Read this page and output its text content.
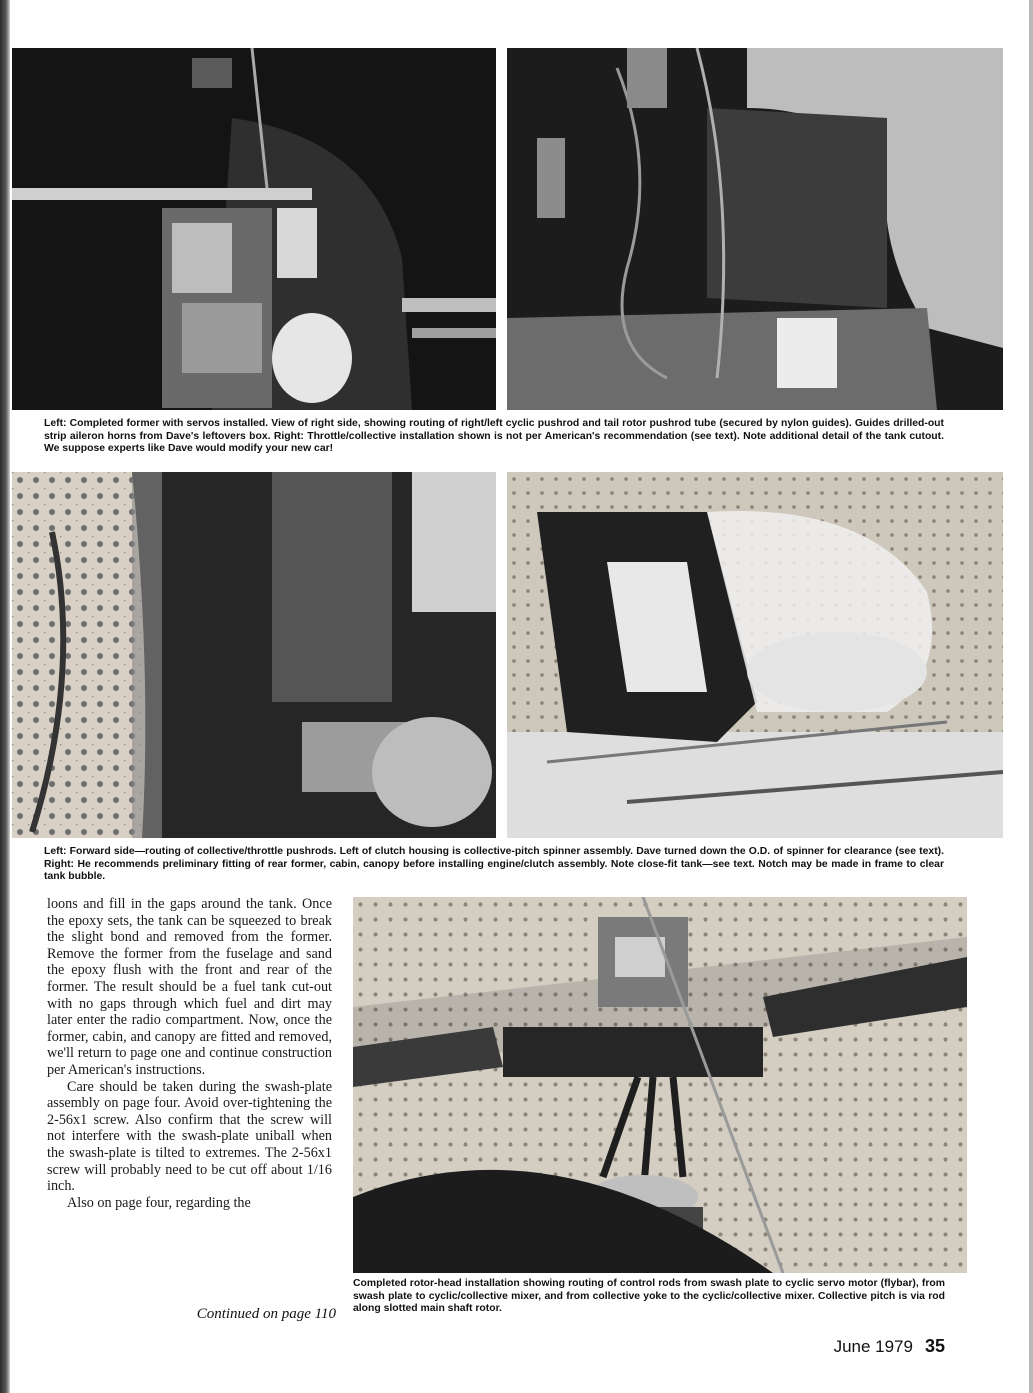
Left: Completed former with servos installed. View of right side, showing routing of right/left cyclic pushrod and tail rotor pushrod tube (secured by nylon guides). Guides drilled-out strip aileron horns from Dave's leftovers box. Right: Throttle/collective installation shown is not per American's recommendation (see text). Note additional detail of the tank cutout. We suppose experts like Dave would modify your new car!
Left: Forward side—routing of collective/throttle pushrods. Left of clutch housing is collective-pitch spinner assembly. Dave turned down the O.D. of spinner for clearance (see text). Right: He recommends preliminary fitting of rear former, cabin, canopy before installing engine/clutch assembly. Note close-fit tank—see text. Notch may be made in frame to clear tank bubble.

loons and fill in the gaps around the tank. Once the epoxy sets, the tank can be squeezed to break the slight bond and removed from the former. Remove the former from the fuselage and sand the epoxy flush with the front and rear of the former. The result should be a fuel tank cut-out with no gaps through which fuel and dirt may later enter the radio compartment. Now, once the former, cabin, and canopy are fitted and removed, we'll return to page one and continue construction per American's instructions.

Care should be taken during the swash-plate assembly on page four. Avoid over-tightening the 2-56x1 screw. Also confirm that the screw will not interfere with the swash-plate uniball when the swash-plate is tilted to extremes. The 2-56x1 screw will probably need to be cut off about 1/16 inch.

Also on page four, regarding the

Continued on page 110
Completed rotor-head installation showing routing of control rods from swash plate to cyclic servo motor (flybar), from swash plate to cyclic/collective mixer, and from collective yoke to the cyclic/collective mixer. Collective pitch is via rod along slotted main shaft rotor.
June 1979 35
